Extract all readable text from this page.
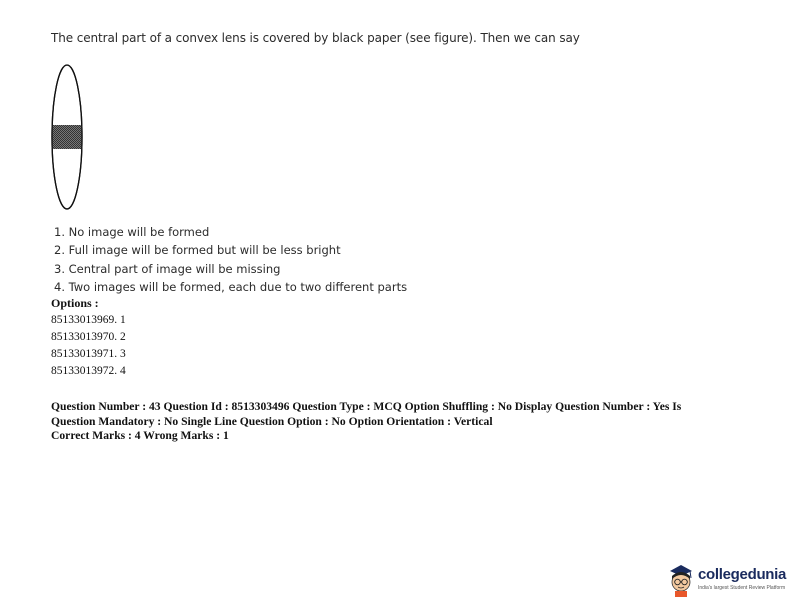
The central part of a convex lens is covered by black paper (see figure). Then we can say
1. No image will be formed
2. Full image will be formed but will be less bright
3. Central part of image will be missing
4. Two images will be formed, each due to two different parts
Options :
85133013969. 1
85133013970. 2
85133013971. 3
85133013972. 4
Question Number : 43 Question Id : 8513303496 Question Type : MCQ Option Shuffling : No Display Question Number : Yes Is
Question Mandatory : No Single Line Question Option : No Option Orientation : Vertical
Correct Marks : 4 Wrong Marks : 1
collegedunia
India's largest Student Review Platform
